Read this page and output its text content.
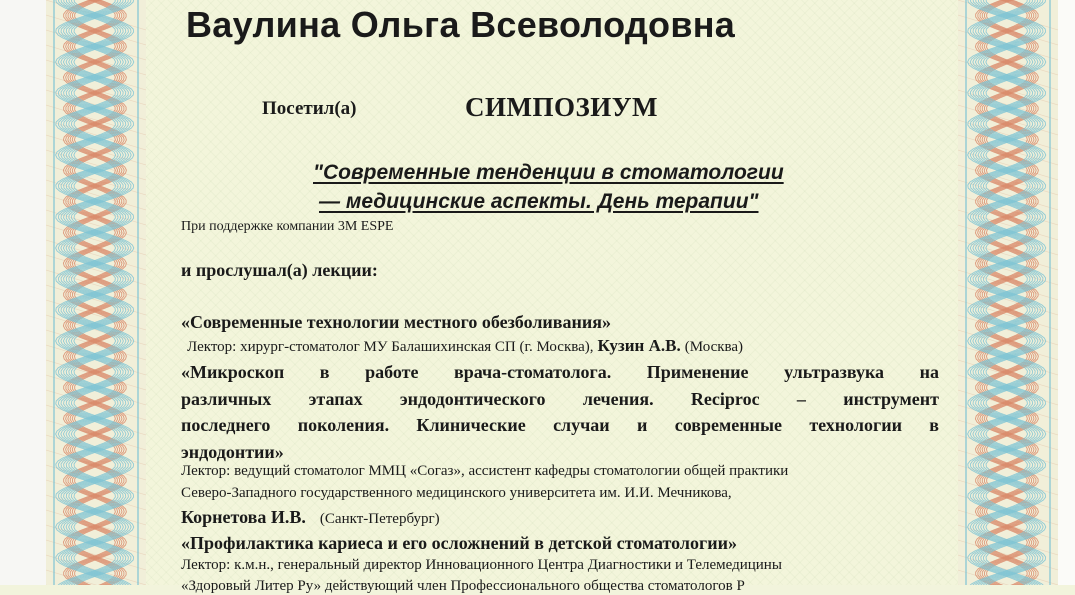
Ваулина Ольга Всеволодовна
Посетил(а)	СИМПОЗИУМ
"Современные тенденции в стоматологии
— медицинские аспекты. День терапии"
При поддержке компании 3M ESPE
и прослушал(а) лекции:
«Современные технологии местного обезболивания»
Лектор: хирург-стоматолог МУ Балашихинская СП (г. Москва), Кузин А.В. (Москва)
«Микроскоп в работе врача-стоматолога. Применение ультразвука на
различных этапах эндодонтического лечения. Reciproc – инструмент
последнего поколения. Клинические случаи и современные технологии в
эндодонтии»
Лектор: ведущий стоматолог ММЦ «Согаз», ассистент кафедры стоматологии общей практики
Северо-Западного государственного медицинского университета им. И.И. Мечникова,
Корнетова И.В. (Санкт-Петербург)
«Профилактика кариеса и его осложнений в детской стоматологии»
Лектор: к.м.н., генеральный директор Инновационного Центра Диагностики и Телемедицины
«Здоровый Литер Ру» действующий член Профессионального общества стоматологов Р
